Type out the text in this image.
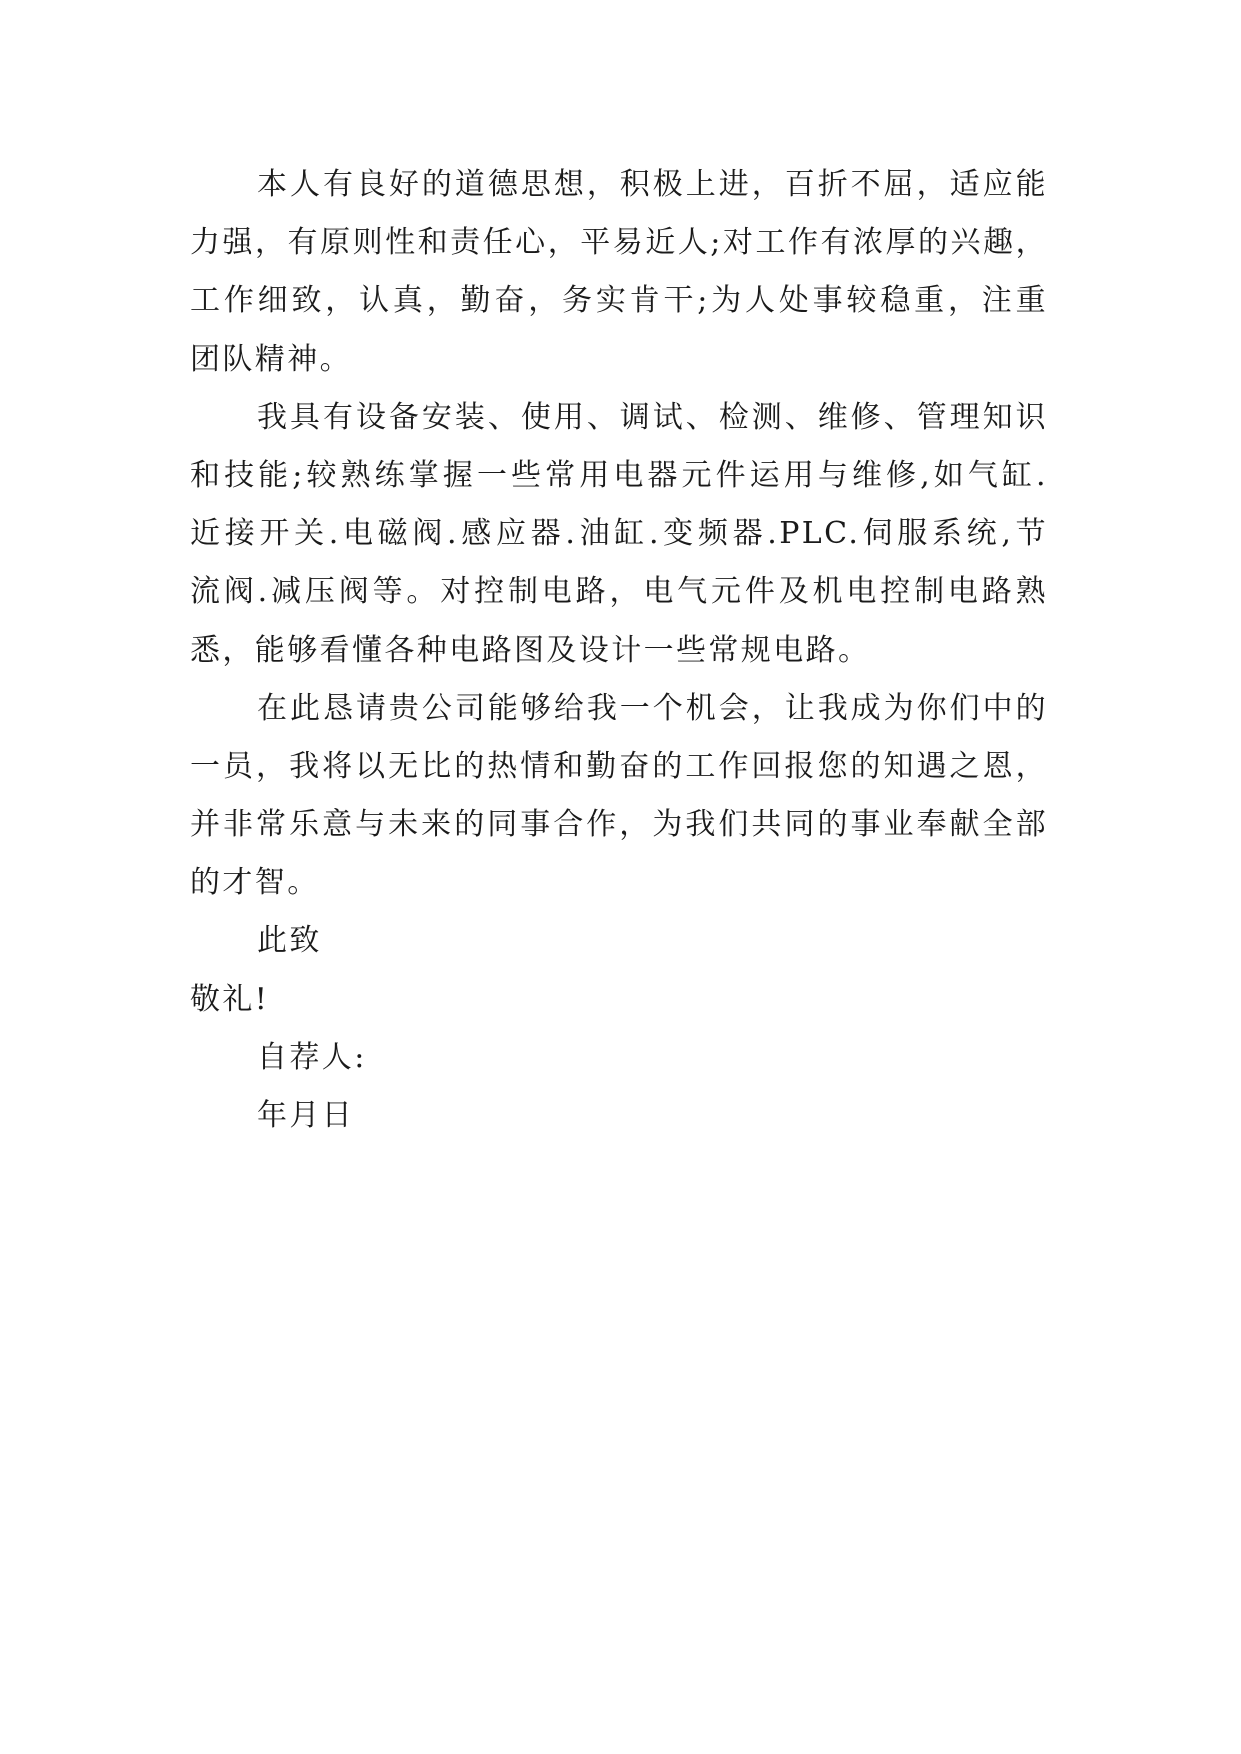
本人有良好的道德思想，积极上进，百折不屈，适应能
力强，有原则性和责任心，平易近人;对工作有浓厚的兴趣，
工作细致，认真，勤奋，务实肯干;为人处事较稳重，注重
团队精神。
我具有设备安装、使用、调试、检测、维修、管理知识
和技能;较熟练掌握一些常用电器元件运用与维修,如气缸.
近接开关.电磁阀.感应器.油缸.变频器.PLC.伺服系统,节
流阀.减压阀等。对控制电路，电气元件及机电控制电路熟
悉，能够看懂各种电路图及设计一些常规电路。
在此恳请贵公司能够给我一个机会，让我成为你们中的
一员，我将以无比的热情和勤奋的工作回报您的知遇之恩，
并非常乐意与未来的同事合作，为我们共同的事业奉献全部
的才智。
此致
敬礼!
自荐人:
年月日
